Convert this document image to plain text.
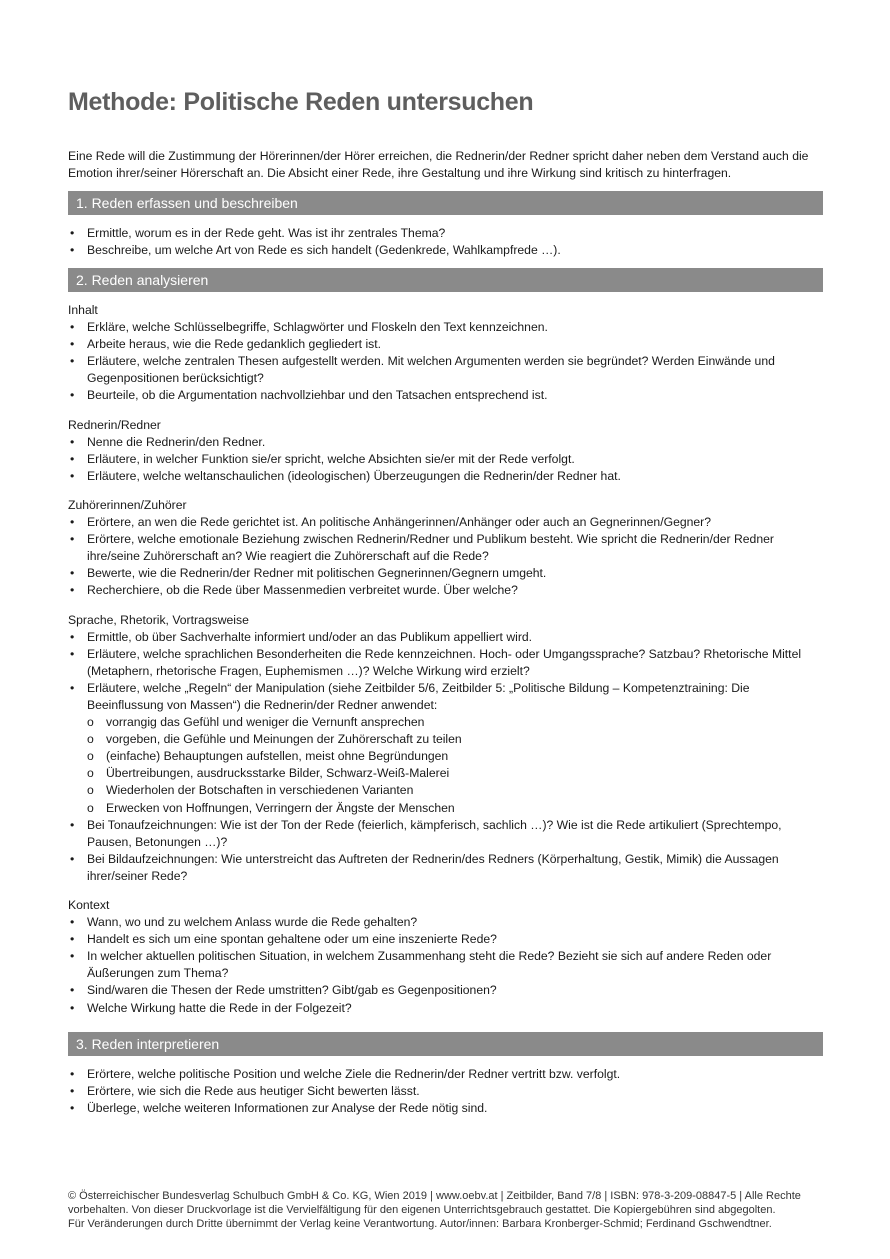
Methode: Politische Reden untersuchen

Eine Rede will die Zustimmung der Hörerinnen/der Hörer erreichen, die Rednerin/der Redner spricht daher neben dem Verstand auch die Emotion ihrer/seiner Hörerschaft an. Die Absicht einer Rede, ihre Gestaltung und ihre Wirkung sind kritisch zu hinterfragen.

1. Reden erfassen und beschreiben
• Ermittle, worum es in der Rede geht. Was ist ihr zentrales Thema?
• Beschreibe, um welche Art von Rede es sich handelt (Gedenkrede, Wahlkampfrede …).
2. Reden analysieren

Inhalt

• Erkläre, welche Schlüsselbegriffe, Schlagwörter und Floskeln den Text kennzeichnen.
• Arbeite heraus, wie die Rede gedanklich gegliedert ist.
• Erläutere, welche zentralen Thesen aufgestellt werden. Mit welchen Argumenten werden sie begründet? Werden Einwände und Gegenpositionen berücksichtigt?
• Beurteile, ob die Argumentation nachvollziehbar und den Tatsachen entsprechend ist.

Rednerin/Redner

• Nenne die Rednerin/den Redner.
• Erläutere, in welcher Funktion sie/er spricht, welche Absichten sie/er mit der Rede verfolgt.
• Erläutere, welche weltanschaulichen (ideologischen) Überzeugungen die Rednerin/der Redner hat.

Zuhörerinnen/Zuhörer

• Erörtere, an wen die Rede gerichtet ist. An politische Anhängerinnen/Anhänger oder auch an Gegnerinnen/Gegner?
• Erörtere, welche emotionale Beziehung zwischen Rednerin/Redner und Publikum besteht. Wie spricht die Rednerin/der Redner ihre/seine Zuhörerschaft an? Wie reagiert die Zuhörerschaft auf die Rede?
• Bewerte, wie die Rednerin/der Redner mit politischen Gegnerinnen/Gegnern umgeht.
• Recherchiere, ob die Rede über Massenmedien verbreitet wurde. Über welche?

Sprache, Rhetorik, Vortragsweise

• Ermittle, ob über Sachverhalte informiert und/oder an das Publikum appelliert wird.
• Erläutere, welche sprachlichen Besonderheiten die Rede kennzeichnen. Hoch- oder Umgangssprache? Satzbau? Rhetorische Mittel (Metaphern, rhetorische Fragen, Euphemismen …)? Welche Wirkung wird erzielt?
• Erläutere, welche „Regeln“ der Manipulation (siehe Zeitbilder 5/6, Zeitbilder 5: „Politische Bildung – Kompetenztraining: Die Beeinflussung von Massen“) die Rednerin/der Redner anwendet:
o vorrangig das Gefühl und weniger die Vernunft ansprechen
o vorgeben, die Gefühle und Meinungen der Zuhörerschaft zu teilen
o (einfache) Behauptungen aufstellen, meist ohne Begründungen
o Übertreibungen, ausdrucksstarke Bilder, Schwarz-Weiß-Malerei
o Wiederholen der Botschaften in verschiedenen Varianten
o Erwecken von Hoffnungen, Verringern der Ängste der Menschen
• Bei Tonaufzeichnungen: Wie ist der Ton der Rede (feierlich, kämpferisch, sachlich …)? Wie ist die Rede artikuliert (Sprechtempo, Pausen, Betonungen …)?
• Bei Bildaufzeichnungen: Wie unterstreicht das Auftreten der Rednerin/des Redners (Körperhaltung, Gestik, Mimik) die Aussagen ihrer/seiner Rede?

Kontext

• Wann, wo und zu welchem Anlass wurde die Rede gehalten?
• Handelt es sich um eine spontan gehaltene oder um eine inszenierte Rede?
• In welcher aktuellen politischen Situation, in welchem Zusammenhang steht die Rede? Bezieht sie sich auf andere Reden oder Äußerungen zum Thema?
• Sind/waren die Thesen der Rede umstritten? Gibt/gab es Gegenpositionen?
• Welche Wirkung hatte die Rede in der Folgezeit?
3. Reden interpretieren
• Erörtere, welche politische Position und welche Ziele die Rednerin/der Redner vertritt bzw. verfolgt.
• Erörtere, wie sich die Rede aus heutiger Sicht bewerten lässt.
• Überlege, welche weiteren Informationen zur Analyse der Rede nötig sind.
© Österreichischer Bundesverlag Schulbuch GmbH & Co. KG, Wien 2019 | www.oebv.at | Zeitbilder, Band 7/8 | ISBN: 978-3-209-08847-5 | Alle Rechte
vorbehalten. Von dieser Druckvorlage ist die Vervielfältigung für den eigenen Unterrichtsgebrauch gestattet. Die Kopiergebühren sind abgegolten.
Für Veränderungen durch Dritte übernimmt der Verlag keine Verantwortung. Autor/innen: Barbara Kronberger-Schmid; Ferdinand Gschwendtner.
